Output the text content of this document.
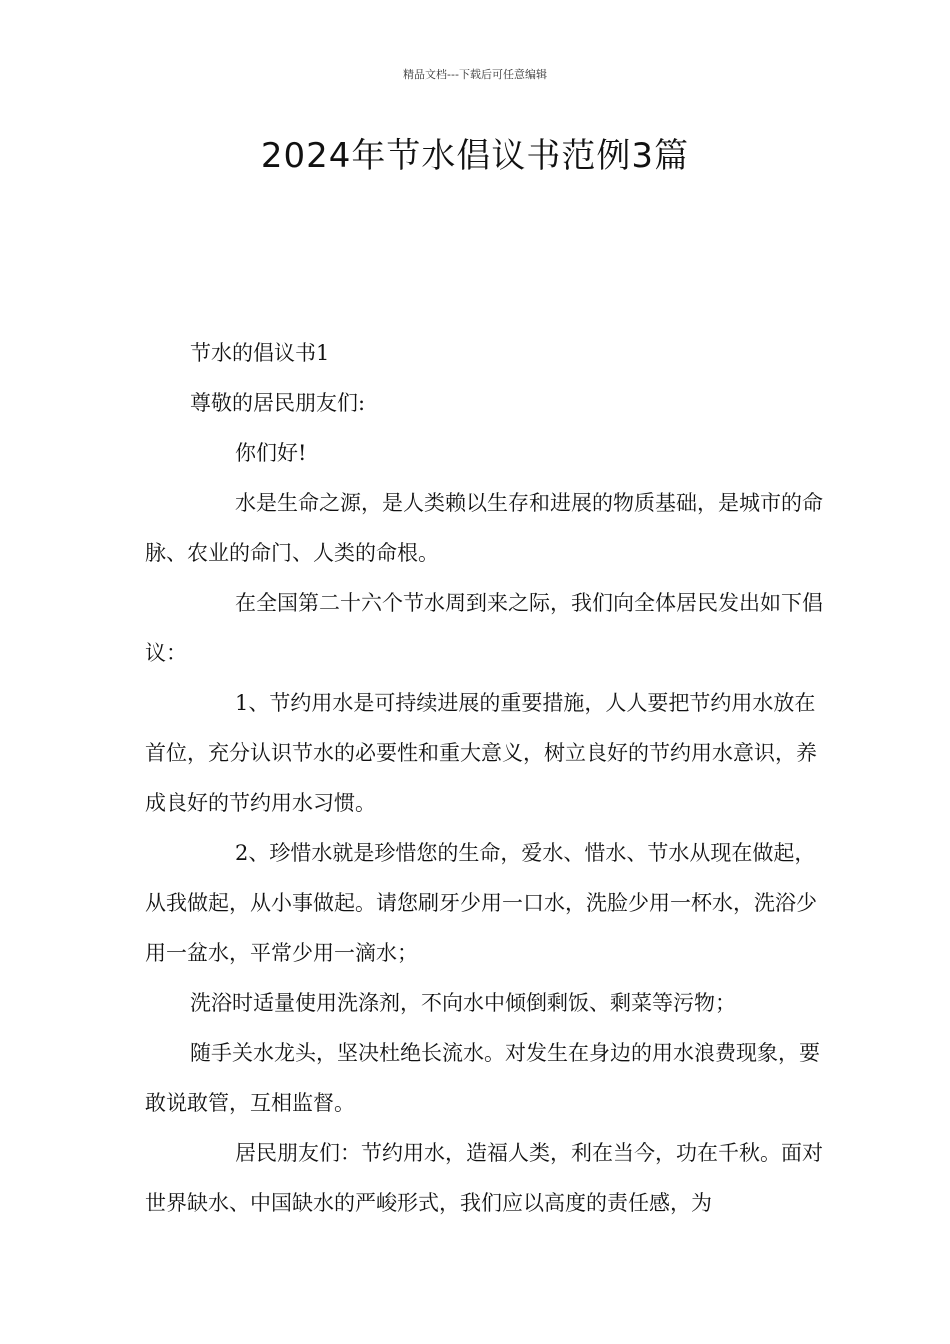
精品文档---下载后可任意编辑
2024年节水倡议书范例3篇

节水的倡议书1

尊敬的居民朋友们:

你们好!

水是生命之源，是人类赖以生存和进展的物质基础，是城市的命脉、农业的命门、人类的命根。

在全国第二十六个节水周到来之际，我们向全体居民发出如下倡议：

1、节约用水是可持续进展的重要措施，人人要把节约用水放在首位，充分认识节水的必要性和重大意义，树立良好的节约用水意识，养成良好的节约用水习惯。

2、珍惜水就是珍惜您的生命，爱水、惜水、节水从现在做起，从我做起，从小事做起。请您刷牙少用一口水，洗脸少用一杯水，洗浴少用一盆水，平常少用一滴水；

洗浴时适量使用洗涤剂，不向水中倾倒剩饭、剩菜等污物；

随手关水龙头，坚决杜绝长流水。对发生在身边的用水浪费现象，要敢说敢管，互相监督。

居民朋友们：节约用水，造福人类，利在当今，功在千秋。面对世界缺水、中国缺水的严峻形式，我们应以高度的责任感，为
